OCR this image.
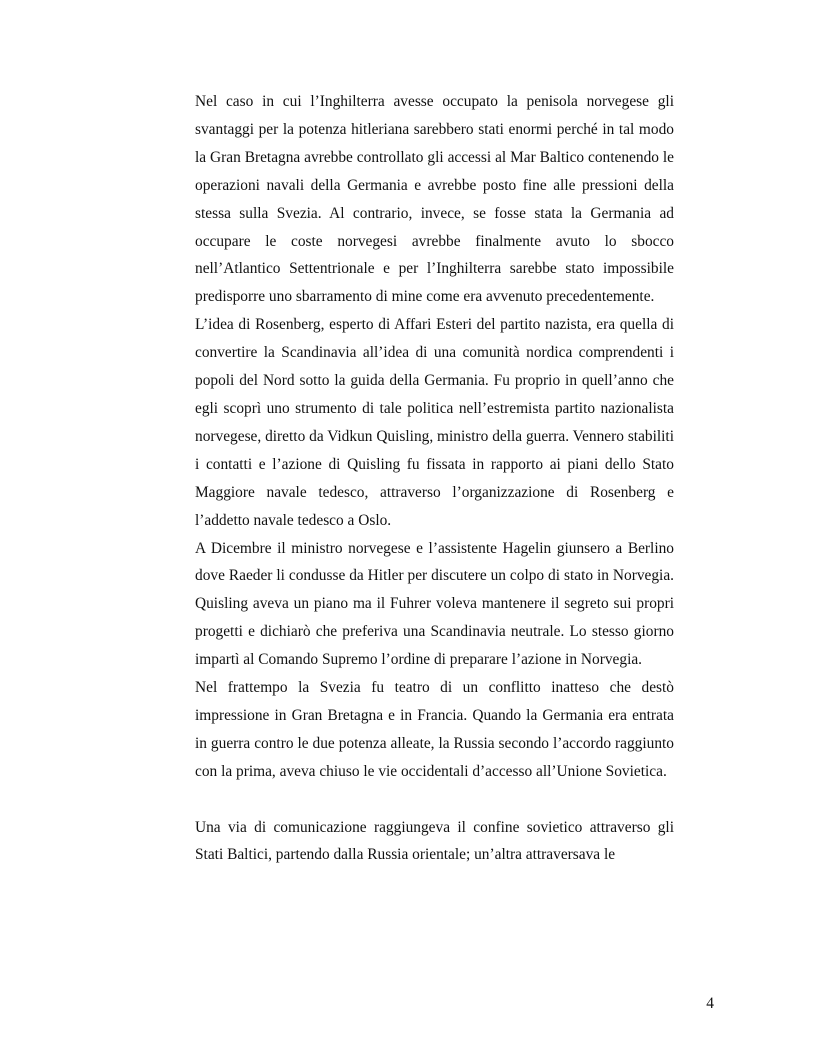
Nel caso in cui l’Inghilterra avesse occupato la penisola norvegese gli svantaggi per la potenza hitleriana sarebbero stati enormi perché in tal modo la Gran Bretagna avrebbe controllato gli accessi al Mar Baltico contenendo le operazioni navali della Germania e avrebbe posto fine alle pressioni della stessa sulla Svezia. Al contrario, invece, se fosse stata la Germania ad occupare le coste norvegesi avrebbe finalmente avuto lo sbocco nell’Atlantico Settentrionale e per l’Inghilterra sarebbe stato impossibile predisporre uno sbarramento di mine come era avvenuto precedentemente.

L’idea di Rosenberg, esperto di Affari Esteri del partito nazista, era quella di convertire la Scandinavia all’idea di una comunità nordica comprendenti i popoli del Nord sotto la guida della Germania. Fu proprio in quell’anno che egli scoprì uno strumento di tale politica nell’estremista partito nazionalista norvegese, diretto da Vidkun Quisling, ministro della guerra. Vennero stabiliti i contatti e l’azione di Quisling fu fissata in rapporto ai piani dello Stato Maggiore navale tedesco, attraverso l’organizzazione di Rosenberg e l’addetto navale tedesco a Oslo.

A Dicembre il ministro norvegese e l’assistente Hagelin giunsero a Berlino dove Raeder li condusse da Hitler per discutere un colpo di stato in Norvegia. Quisling aveva un piano ma il Fuhrer voleva mantenere il segreto sui propri progetti e dichiarò che preferiva una Scandinavia neutrale. Lo stesso giorno impartì al Comando Supremo l’ordine di preparare l’azione in Norvegia.

Nel frattempo la Svezia fu teatro di un conflitto inatteso che destò impressione in Gran Bretagna e in Francia. Quando la Germania era entrata in guerra contro le due potenza alleate, la Russia secondo l’accordo raggiunto con la prima, aveva chiuso le vie occidentali d’accesso all’Unione Sovietica.

Una via di comunicazione raggiungeva il confine sovietico attraverso gli Stati Baltici, partendo dalla Russia orientale; un’altra attraversava le

4
